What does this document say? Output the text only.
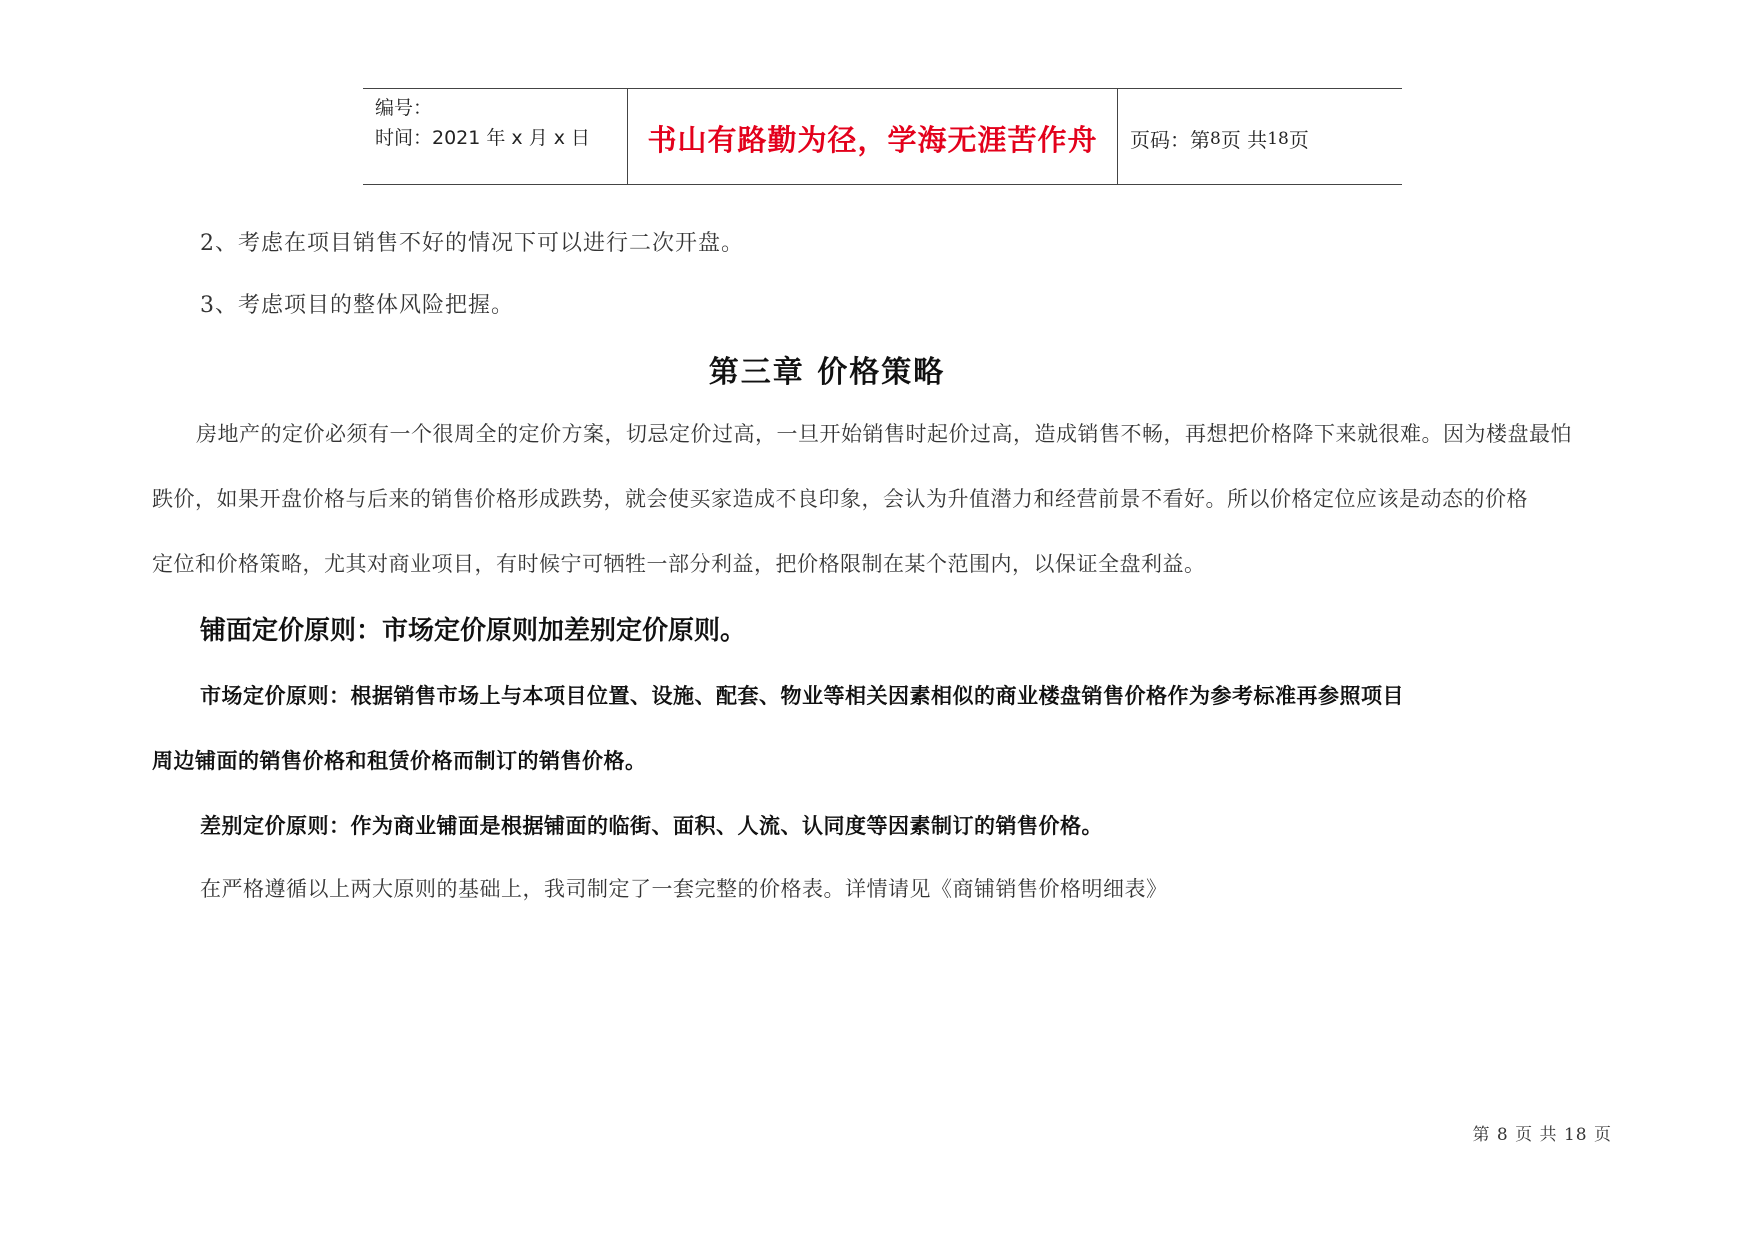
编号：
时间：2021 年 x 月 x 日	书山有路勤为径，学海无涯苦作舟 页码：第 8 页 共 18 页
2、考虑在项目销售不好的情况下可以进行二次开盘。
3、考虑项目的整体风险把握。
第三章 价格策略
房地产的定价必须有一个很周全的定价方案，切忌定价过高，一旦开始销售时起价过高，造成销售不畅，再想把价格降下来就很难。因为楼盘最怕
跌价，如果开盘价格与后来的销售价格形成跌势，就会使买家造成不良印象，会认为升值潜力和经营前景不看好。所以价格定位应该是动态的价格
定位和价格策略，尤其对商业项目，有时候宁可牺牲一部分利益，把价格限制在某个范围内，以保证全盘利益。
铺面定价原则：市场定价原则加差别定价原则。
市场定价原则：根据销售市场上与本项目位置、设施、配套、物业等相关因素相似的商业楼盘销售价格作为参考标准再参照项目
周边铺面的销售价格和租赁价格而制订的销售价格。
差别定价原则：作为商业铺面是根据铺面的临街、面积、人流、认同度等因素制订的销售价格。
在严格遵循以上两大原则的基础上，我司制定了一套完整的价格表。详情请见《商铺销售价格明细表》
第 8 页 共 18 页
